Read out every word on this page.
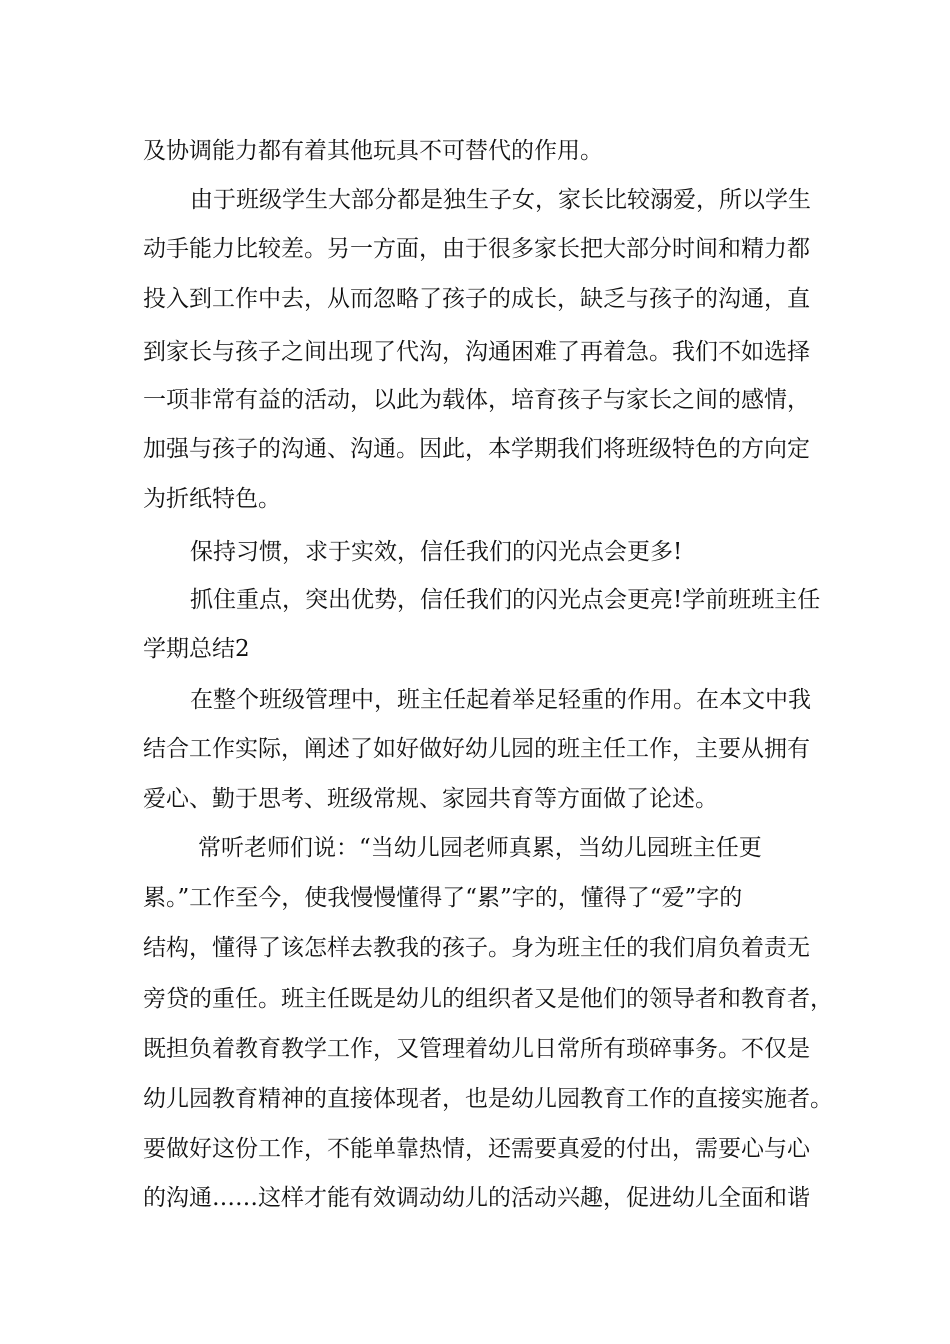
及协调能力都有着其他玩具不可替代的作用。
由于班级学生大部分都是独生子女，家长比较溺爱，所以学生
动手能力比较差。另一方面，由于很多家长把大部分时间和精力都
投入到工作中去，从而忽略了孩子的成长，缺乏与孩子的沟通，直
到家长与孩子之间出现了代沟，沟通困难了再着急。我们不如选择
一项非常有益的活动，以此为载体，培育孩子与家长之间的感情，
加强与孩子的沟通、沟通。因此，本学期我们将班级特色的方向定
为折纸特色。
保持习惯，求于实效，信任我们的闪光点会更多!
抓住重点，突出优势，信任我们的闪光点会更亮!学前班班主任
学期总结2
在整个班级管理中，班主任起着举足轻重的作用。在本文中我
结合工作实际，阐述了如好做好幼儿园的班主任工作，主要从拥有
爱心、勤于思考、班级常规、家园共育等方面做了论述。
常听老师们说：“当幼儿园老师真累，当幼儿园班主任更
累。”工作至今，使我慢慢懂得了“累”字的，懂得了“爱”字的
结构，懂得了该怎样去教我的孩子。身为班主任的我们肩负着责无
旁贷的重任。班主任既是幼儿的组织者又是他们的领导者和教育者，
既担负着教育教学工作，又管理着幼儿日常所有琐碎事务。不仅是
幼儿园教育精神的直接体现者，也是幼儿园教育工作的直接实施者。
要做好这份工作，不能单靠热情，还需要真爱的付出，需要心与心
的沟通……这样才能有效调动幼儿的活动兴趣，促进幼儿全面和谐
